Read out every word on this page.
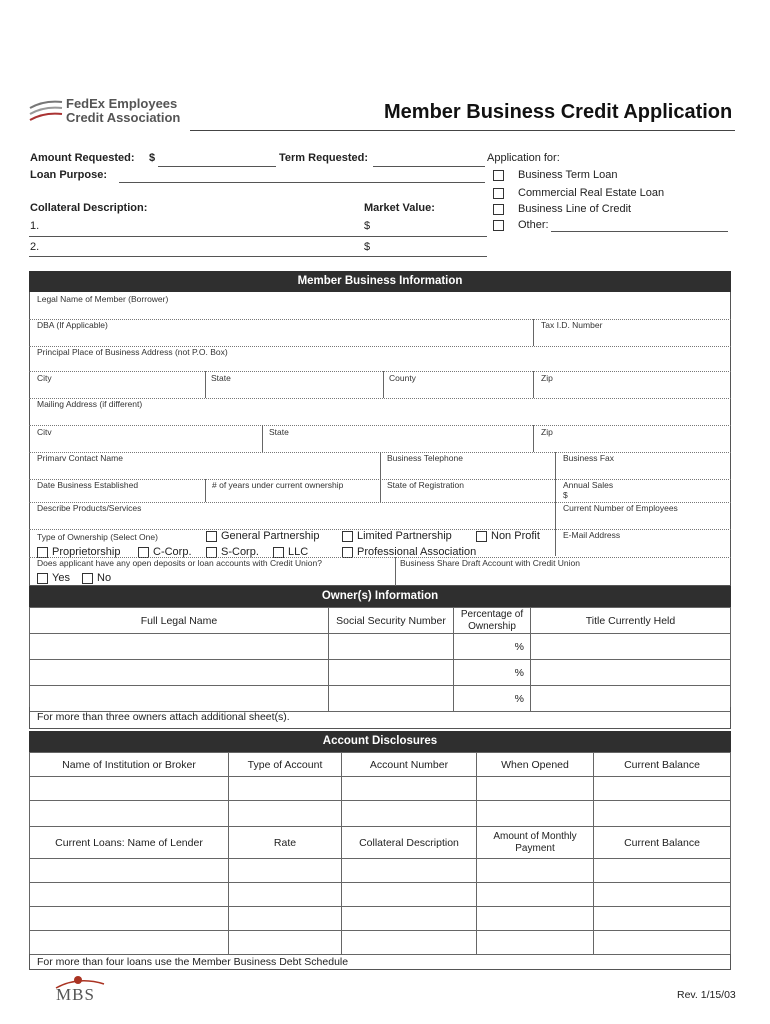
FedEx Employees
Credit Association	Member Business Credit Application
Amount Requested: $	Term Requested:
Loan Purpose:
Collateral Description:	Market Value:
1.	$
2.	$
Application for:
Business Term Loan
Commercial Real Estate Loan
Business Line of Credit
Other:
Member Business Information
Legal Name of Member (Borrower)
DBA (If Applicable)	Tax I.D. Number
Principal Place of Business Address (not P.O. Box)
City	State	County	Zip
Mailing Address (if different)
Citv	State	Zip
Primarv Contact Name	Business Telephone	Business Fax
Date Business Established	# of years under current ownership	State of Registration	Annual Sales
$
Describe Products/Services	Current Number of Employees
Type of Ownership (Select One)	General Partnership	Limited Partnership	Non Profit	E-Mail Address
Proprietorship	C-Corp.	S-Corp.	LLC	Professional Association
Does applicant have any open deposits or loan accounts with Credit Union?	Business Share Draft Account with Credit Union
Yes	No
Owner(s) Information
Full Legal Name	Social Security Number	Percentage of Ownership	Title Currently Held
		%	
		%	
		%	
For more than three owners attach additional sheet(s).
Account Disclosures
Name of Institution or Broker	Type of Account	Account Number	When Opened	Current Balance

Current Loans: Name of Lender	Rate	Collateral Description	Amount of Monthly Payment	Current Balance

For more than four loans use the Member Business Debt Schedule
MBS	Rev. 1/15/03
